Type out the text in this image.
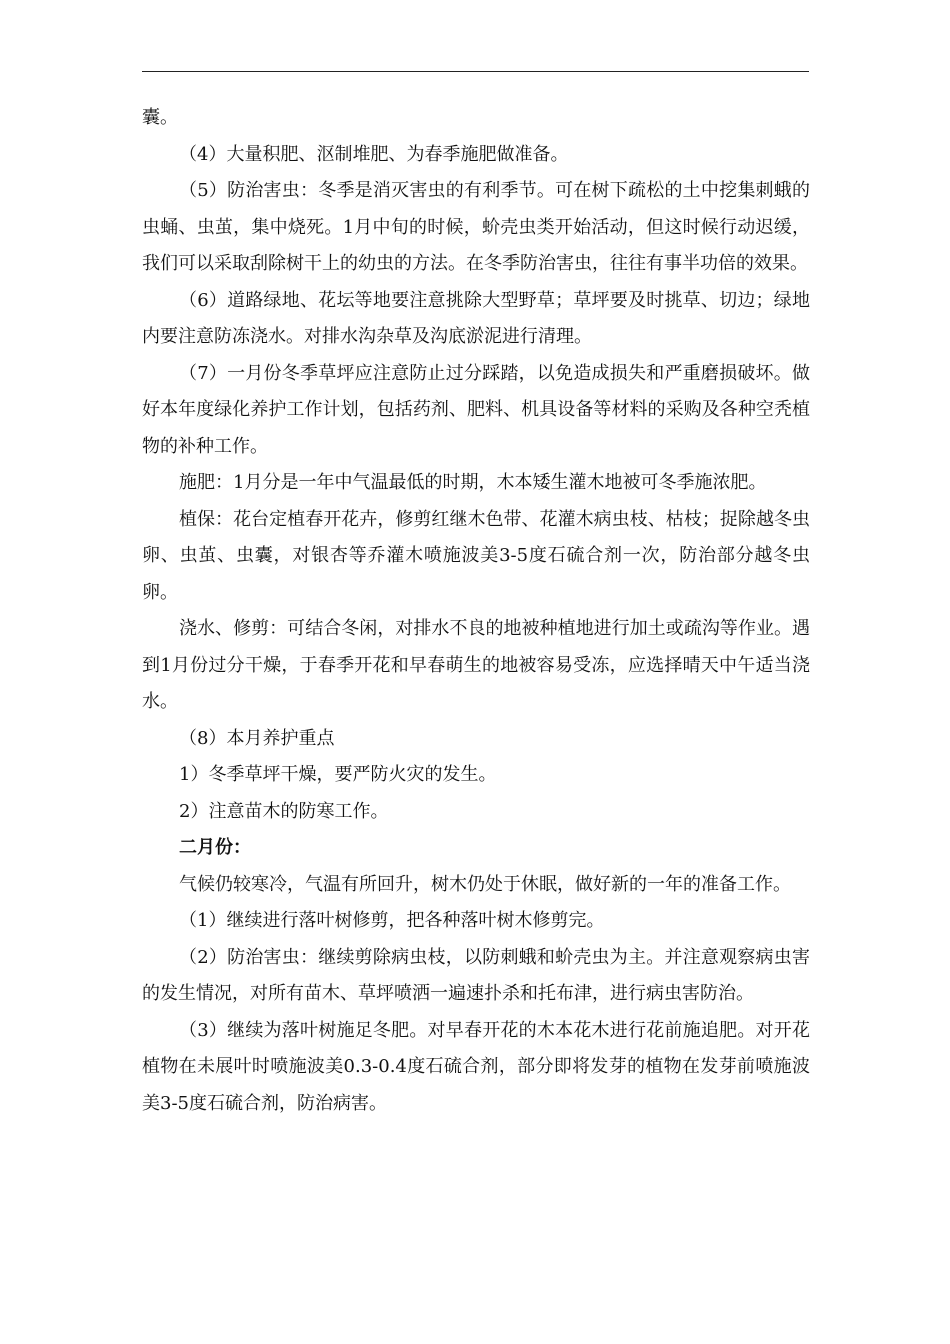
囊。

（4）大量积肥、沤制堆肥、为春季施肥做准备。

（5）防治害虫：冬季是消灭害虫的有利季节。可在树下疏松的土中挖集刺蛾的虫蛹、虫茧，集中烧死。1月中旬的时候，蚧壳虫类开始活动，但这时候行动迟缓，我们可以采取刮除树干上的幼虫的方法。在冬季防治害虫，往往有事半功倍的效果。

（6）道路绿地、花坛等地要注意挑除大型野草；草坪要及时挑草、切边；绿地内要注意防冻浇水。对排水沟杂草及沟底淤泥进行清理。

（7）一月份冬季草坪应注意防止过分踩踏，以免造成损失和严重磨损破坏。做好本年度绿化养护工作计划，包括药剂、肥料、机具设备等材料的采购及各种空秃植物的补种工作。

施肥：1月分是一年中气温最低的时期，木本矮生灌木地被可冬季施浓肥。

植保：花台定植春开花卉，修剪红继木色带、花灌木病虫枝、枯枝；捉除越冬虫卵、虫茧、虫囊，对银杏等乔灌木喷施波美3-5度石硫合剂一次，防治部分越冬虫卵。

浇水、修剪：可结合冬闲，对排水不良的地被种植地进行加土或疏沟等作业。遇到1月份过分干燥，于春季开花和早春萌生的地被容易受冻，应选择晴天中午适当浇水。

（8）本月养护重点

1）冬季草坪干燥，要严防火灾的发生。

2）注意苗木的防寒工作。

二月份：

气候仍较寒冷，气温有所回升，树木仍处于休眠，做好新的一年的准备工作。

（1）继续进行落叶树修剪，把各种落叶树木修剪完。

（2）防治害虫：继续剪除病虫枝，以防刺蛾和蚧壳虫为主。并注意观察病虫害的发生情况，对所有苗木、草坪喷洒一遍速扑杀和托布津，进行病虫害防治。

（3）继续为落叶树施足冬肥。对早春开花的木本花木进行花前施追肥。对开花植物在未展叶时喷施波美0.3-0.4度石硫合剂，部分即将发芽的植物在发芽前喷施波美3-5度石硫合剂，防治病害。
